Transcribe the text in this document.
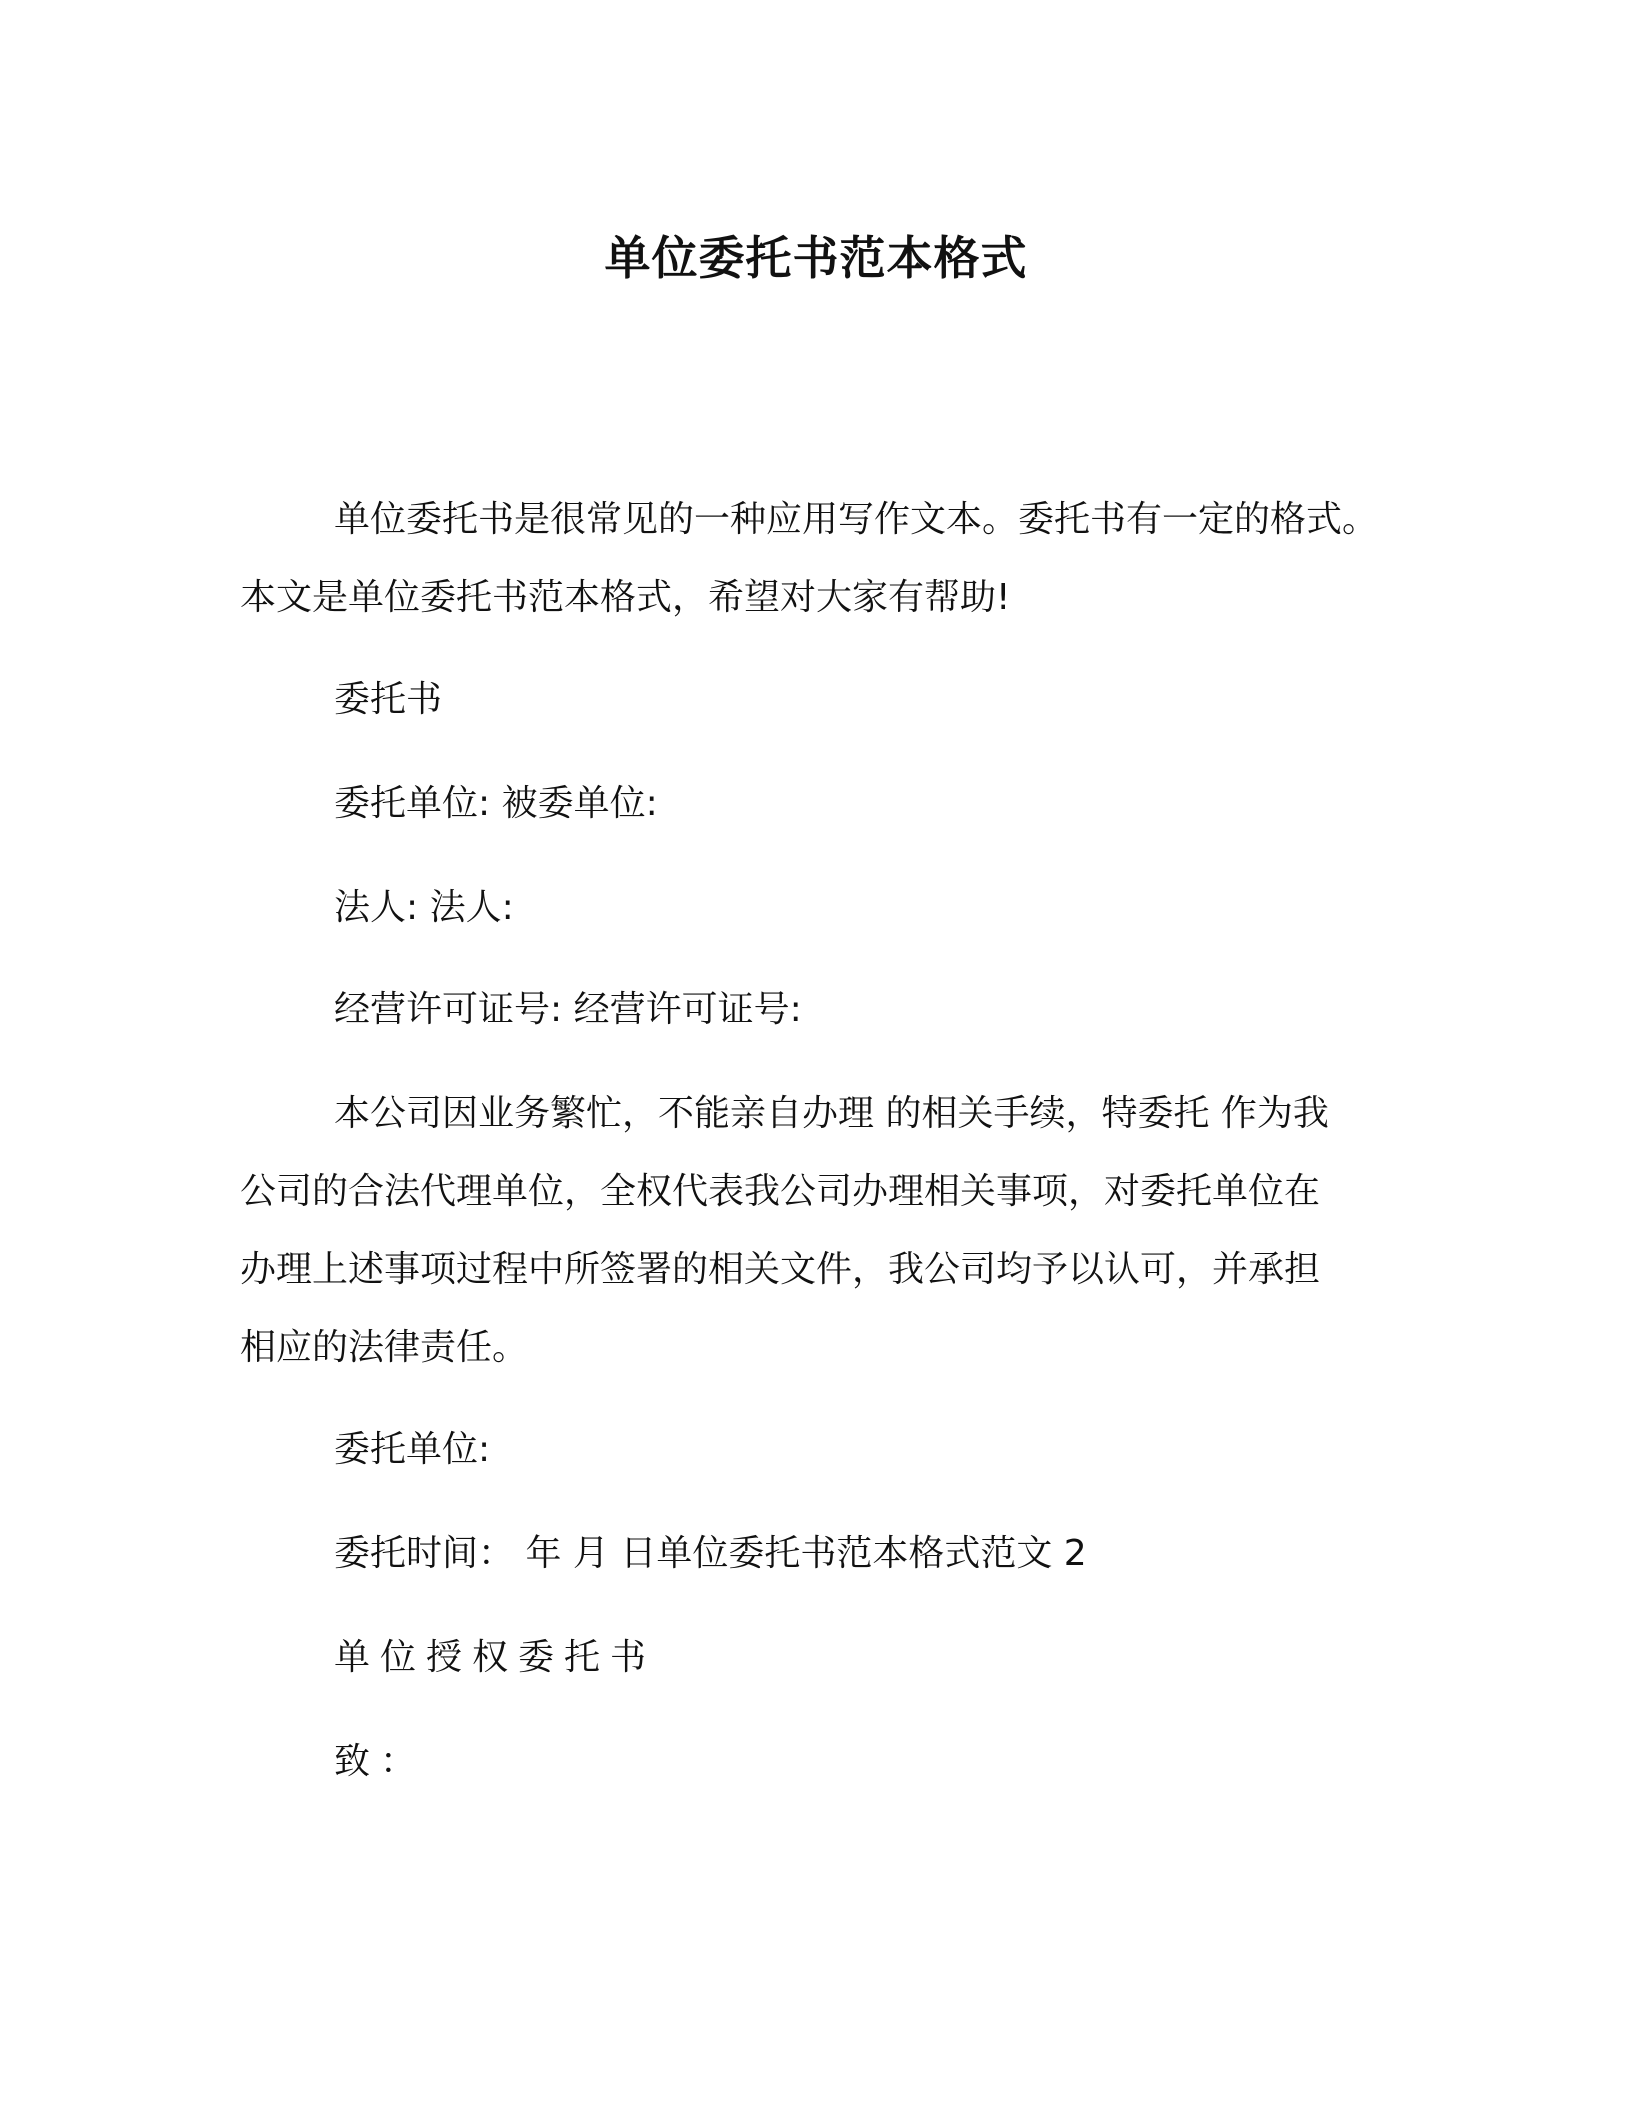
单位委托书范本格式

单位委托书是很常见的一种应用写作文本。委托书有一定的格式。

本文是单位委托书范本格式，希望对大家有帮助!

委托书

委托单位: 被委单位:

法人: 法人:

经营许可证号: 经营许可证号:

本公司因业务繁忙，不能亲自办理 的相关手续，特委托 作为我

公司的合法代理单位，全权代表我公司办理相关事项，对委托单位在

办理上述事项过程中所签署的相关文件，我公司均予以认可，并承担

相应的法律责任。

委托单位:

委托时间： 年 月 日单位委托书范本格式范文 2

单位授权委托书

致：
